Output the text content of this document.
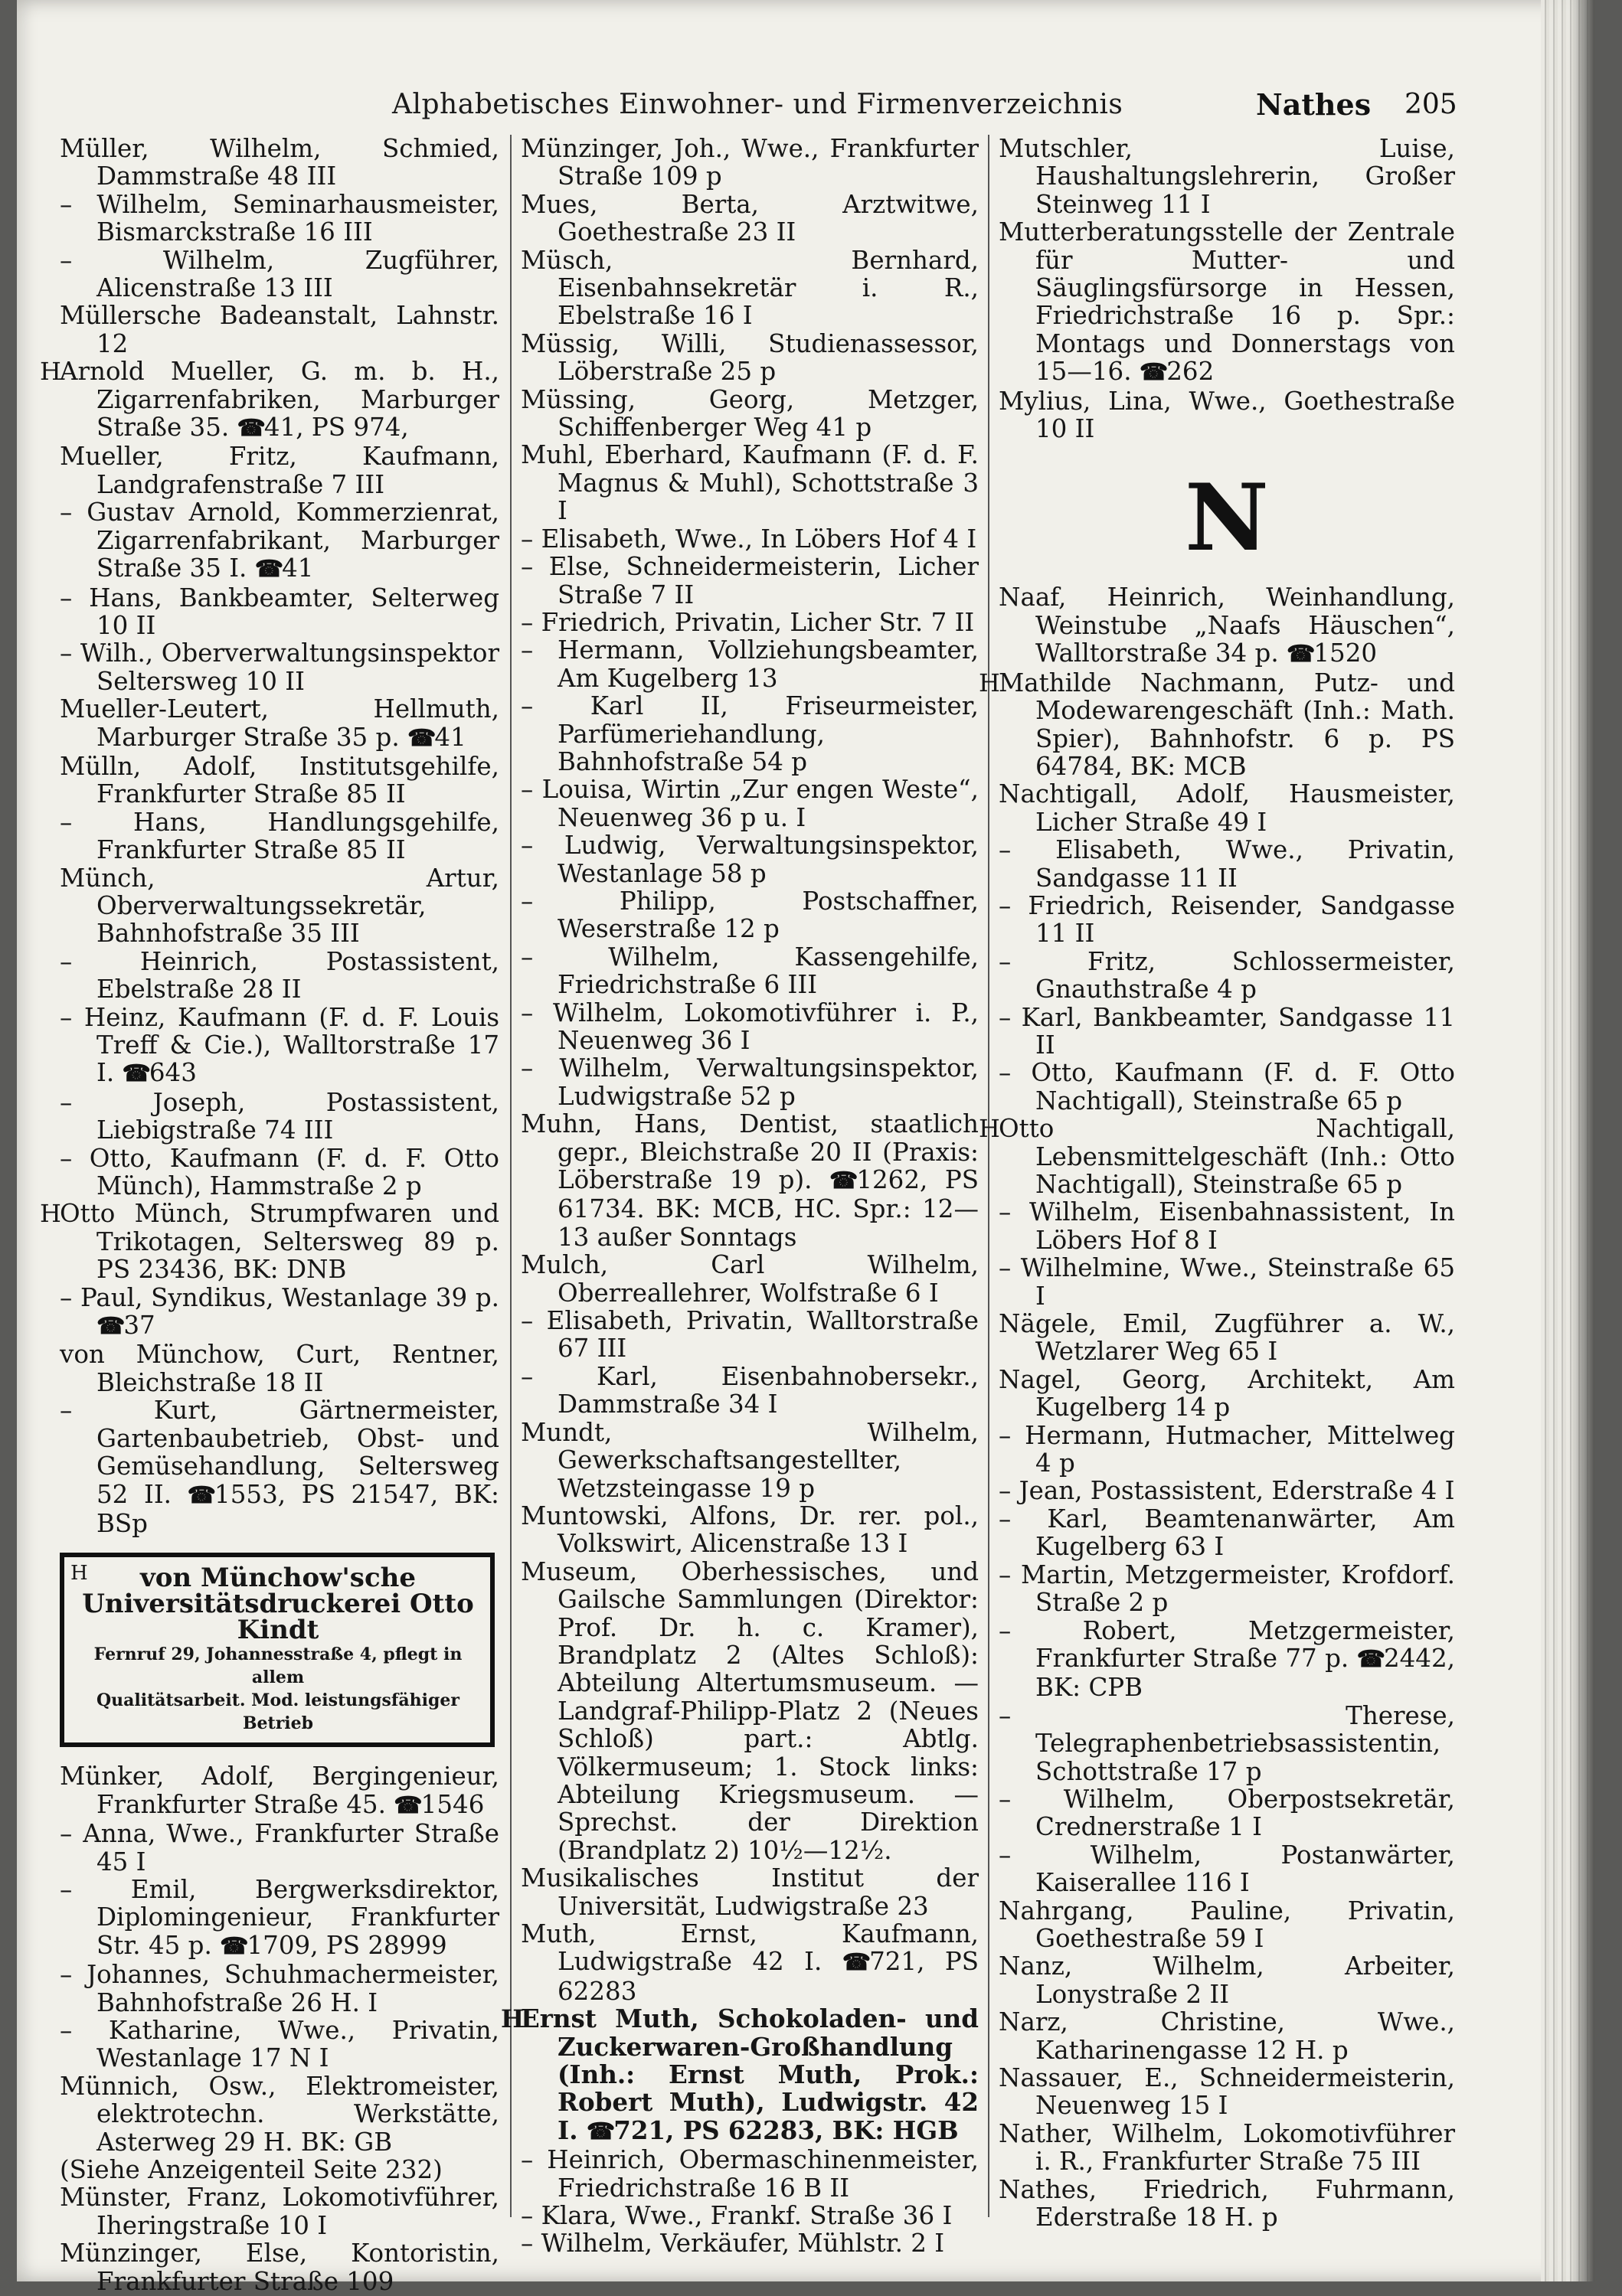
Alphabetisches Einwohner- und Firmenverzeichnis	Nathes 205

Müller, Wilhelm, Schmied, Dammstraße 48 III

– Wilhelm, Seminarhausmeister, Bismarckstraße 16 III

– Wilhelm, Zugführer, Alicenstraße 13 III

Müllersche Badeanstalt, Lahnstr. 12

H
Arnold Mueller, G. m. b. H., Zigarrenfabriken, Marburger Straße 35. ☎41, PS 974,

Mueller, Fritz, Kaufmann, Landgrafenstraße 7 III

– Gustav Arnold, Kommerzienrat, Zigarrenfabrikant, Marburger Straße 35 I. ☎41

– Hans, Bankbeamter, Selterweg 10 II

– Wilh., Oberverwaltungsinspektor Seltersweg 10 II

Mueller-Leutert, Hellmuth, Marburger Straße 35 p. ☎41

Mülln, Adolf, Institutsgehilfe, Frankfurter Straße 85 II

– Hans, Handlungsgehilfe, Frankfurter Straße 85 II

Münch, Artur, Oberverwaltungssekretär, Bahnhofstraße 35 III

– Heinrich, Postassistent, Ebelstraße 28 II

– Heinz, Kaufmann (F. d. F. Louis Treff & Cie.), Walltorstraße 17 I. ☎643

– Joseph, Postassistent, Liebigstraße 74 III

– Otto, Kaufmann (F. d. F. Otto Münch), Hammstraße 2 p

H
Otto Münch, Strumpfwaren und Trikotagen, Seltersweg 89 p. PS 23436, BK: DNB

– Paul, Syndikus, Westanlage 39 p. ☎37

von Münchow, Curt, Rentner, Bleichstraße 18 II

– Kurt, Gärtnermeister, Gartenbaubetrieb, Obst- und Gemüsehandlung, Seltersweg 52 II. ☎1553, PS 21547, BK: BSp

H	von Münchow'sche
Universitätsdruckerei Otto Kindt
Fernruf 29, Johannesstraße 4, pflegt in allem
Qualitätsarbeit. Mod. leistungsfähiger Betrieb

Münker, Adolf, Bergingenieur, Frankfurter Straße 45. ☎1546

– Anna, Wwe., Frankfurter Straße 45 I

– Emil, Bergwerksdirektor, Diplomingenieur, Frankfurter Str. 45 p. ☎1709, PS 28999

– Johannes, Schuhmachermeister, Bahnhofstraße 26 H. I

– Katharine, Wwe., Privatin, Westanlage 17 N I

Münnich, Osw., Elektromeister, elektrotechn. Werkstätte, Asterweg 29 H. BK: GB

(Siehe Anzeigenteil Seite 232)

Münster, Franz, Lokomotivführer, Iheringstraße 10 I

Münzinger, Else, Kontoristin, Frankfurter Straße 109

Münzinger, Joh., Wwe., Frankfurter Straße 109 p

Mues, Berta, Arztwitwe, Goethestraße 23 II

Müsch, Bernhard, Eisenbahnsekretär i. R., Ebelstraße 16 I

Müssig, Willi, Studienassessor, Löberstraße 25 p

Müssing, Georg, Metzger, Schiffenberger Weg 41 p

Muhl, Eberhard, Kaufmann (F. d. F. Magnus & Muhl), Schottstraße 3 I

– Elisabeth, Wwe., In Löbers Hof 4 I

– Else, Schneidermeisterin, Licher Straße 7 II

– Friedrich, Privatin, Licher Str. 7 II

– Hermann, Vollziehungsbeamter, Am Kugelberg 13

– Karl II, Friseurmeister, Parfümeriehandlung, Bahnhofstraße 54 p

– Louisa, Wirtin „Zur engen Weste“, Neuenweg 36 p u. I

– Ludwig, Verwaltungsinspektor, Westanlage 58 p

– Philipp, Postschaffner, Weserstraße 12 p

– Wilhelm, Kassengehilfe, Friedrichstraße 6 III

– Wilhelm, Lokomotivführer i. P., Neuenweg 36 I

– Wilhelm, Verwaltungsinspektor, Ludwigstraße 52 p

Muhn, Hans, Dentist, staatlich gepr., Bleichstraße 20 II (Praxis: Löberstraße 19 p). ☎1262, PS 61734. BK: MCB, HC. Spr.: 12—13 außer Sonntags

Mulch, Carl Wilhelm, Oberreallehrer, Wolfstraße 6 I

– Elisabeth, Privatin, Walltorstraße 67 III

– Karl, Eisenbahnobersekr., Dammstraße 34 I

Mundt, Wilhelm, Gewerkschaftsangestellter, Wetzsteingasse 19 p

Muntowski, Alfons, Dr. rer. pol., Volkswirt, Alicenstraße 13 I

Museum, Oberhessisches, und Gailsche Sammlungen (Direktor: Prof. Dr. h. c. Kramer), Brandplatz 2 (Altes Schloß): Abteilung Altertumsmuseum. — Landgraf-Philipp-Platz 2 (Neues Schloß) part.: Abtlg. Völkermuseum; 1. Stock links: Abteilung Kriegsmuseum. — Sprechst. der Direktion (Brandplatz 2) 10½—12½.

Musikalisches Institut der Universität, Ludwigstraße 23

Muth, Ernst, Kaufmann, Ludwigstraße 42 I. ☎721, PS 62283

H
Ernst Muth, Schokoladen- und Zuckerwaren-Großhandlung (Inh.: Ernst Muth, Prok.: Robert Muth), Ludwigstr. 42 I. ☎721, PS 62283, BK: HGB

– Heinrich, Obermaschinenmeister, Friedrichstraße 16 B II

– Klara, Wwe., Frankf. Straße 36 I

– Wilhelm, Verkäufer, Mühlstr. 2 I

Mutschler, Luise, Haushaltungslehrerin, Großer Steinweg 11 I

Mutterberatungsstelle der Zentrale für Mutter- und Säuglingsfürsorge in Hessen, Friedrichstraße 16 p. Spr.: Montags und Donnerstags von 15—16. ☎262

Mylius, Lina, Wwe., Goethestraße 10 II

N

Naaf, Heinrich, Weinhandlung, Weinstube „Naafs Häuschen“, Walltorstraße 34 p. ☎1520

H
Mathilde Nachmann, Putz- und Modewarengeschäft (Inh.: Math. Spier), Bahnhofstr. 6 p. PS 64784, BK: MCB

Nachtigall, Adolf, Hausmeister, Licher Straße 49 I

– Elisabeth, Wwe., Privatin, Sandgasse 11 II

– Friedrich, Reisender, Sandgasse 11 II

– Fritz, Schlossermeister, Gnauthstraße 4 p

– Karl, Bankbeamter, Sandgasse 11 II

– Otto, Kaufmann (F. d. F. Otto Nachtigall), Steinstraße 65 p

H
Otto Nachtigall, Lebensmittelgeschäft (Inh.: Otto Nachtigall), Steinstraße 65 p

– Wilhelm, Eisenbahnassistent, In Löbers Hof 8 I

– Wilhelmine, Wwe., Steinstraße 65 I

Nägele, Emil, Zugführer a. W., Wetzlarer Weg 65 I

Nagel, Georg, Architekt, Am Kugelberg 14 p

– Hermann, Hutmacher, Mittelweg 4 p

– Jean, Postassistent, Ederstraße 4 I

– Karl, Beamtenanwärter, Am Kugelberg 63 I

– Martin, Metzgermeister, Krofdorf. Straße 2 p

– Robert, Metzgermeister, Frankfurter Straße 77 p. ☎2442, BK: CPB

– Therese, Telegraphenbetriebsassistentin, Schottstraße 17 p

– Wilhelm, Oberpostsekretär, Crednerstraße 1 I

– Wilhelm, Postanwärter, Kaiserallee 116 I

Nahrgang, Pauline, Privatin, Goethestraße 59 I

Nanz, Wilhelm, Arbeiter, Lonystraße 2 II

Narz, Christine, Wwe., Katharinengasse 12 H. p

Nassauer, E., Schneidermeisterin, Neuenweg 15 I

Nather, Wilhelm, Lokomotivführer i. R., Frankfurter Straße 75 III

Nathes, Friedrich, Fuhrmann, Ederstraße 18 H. p
